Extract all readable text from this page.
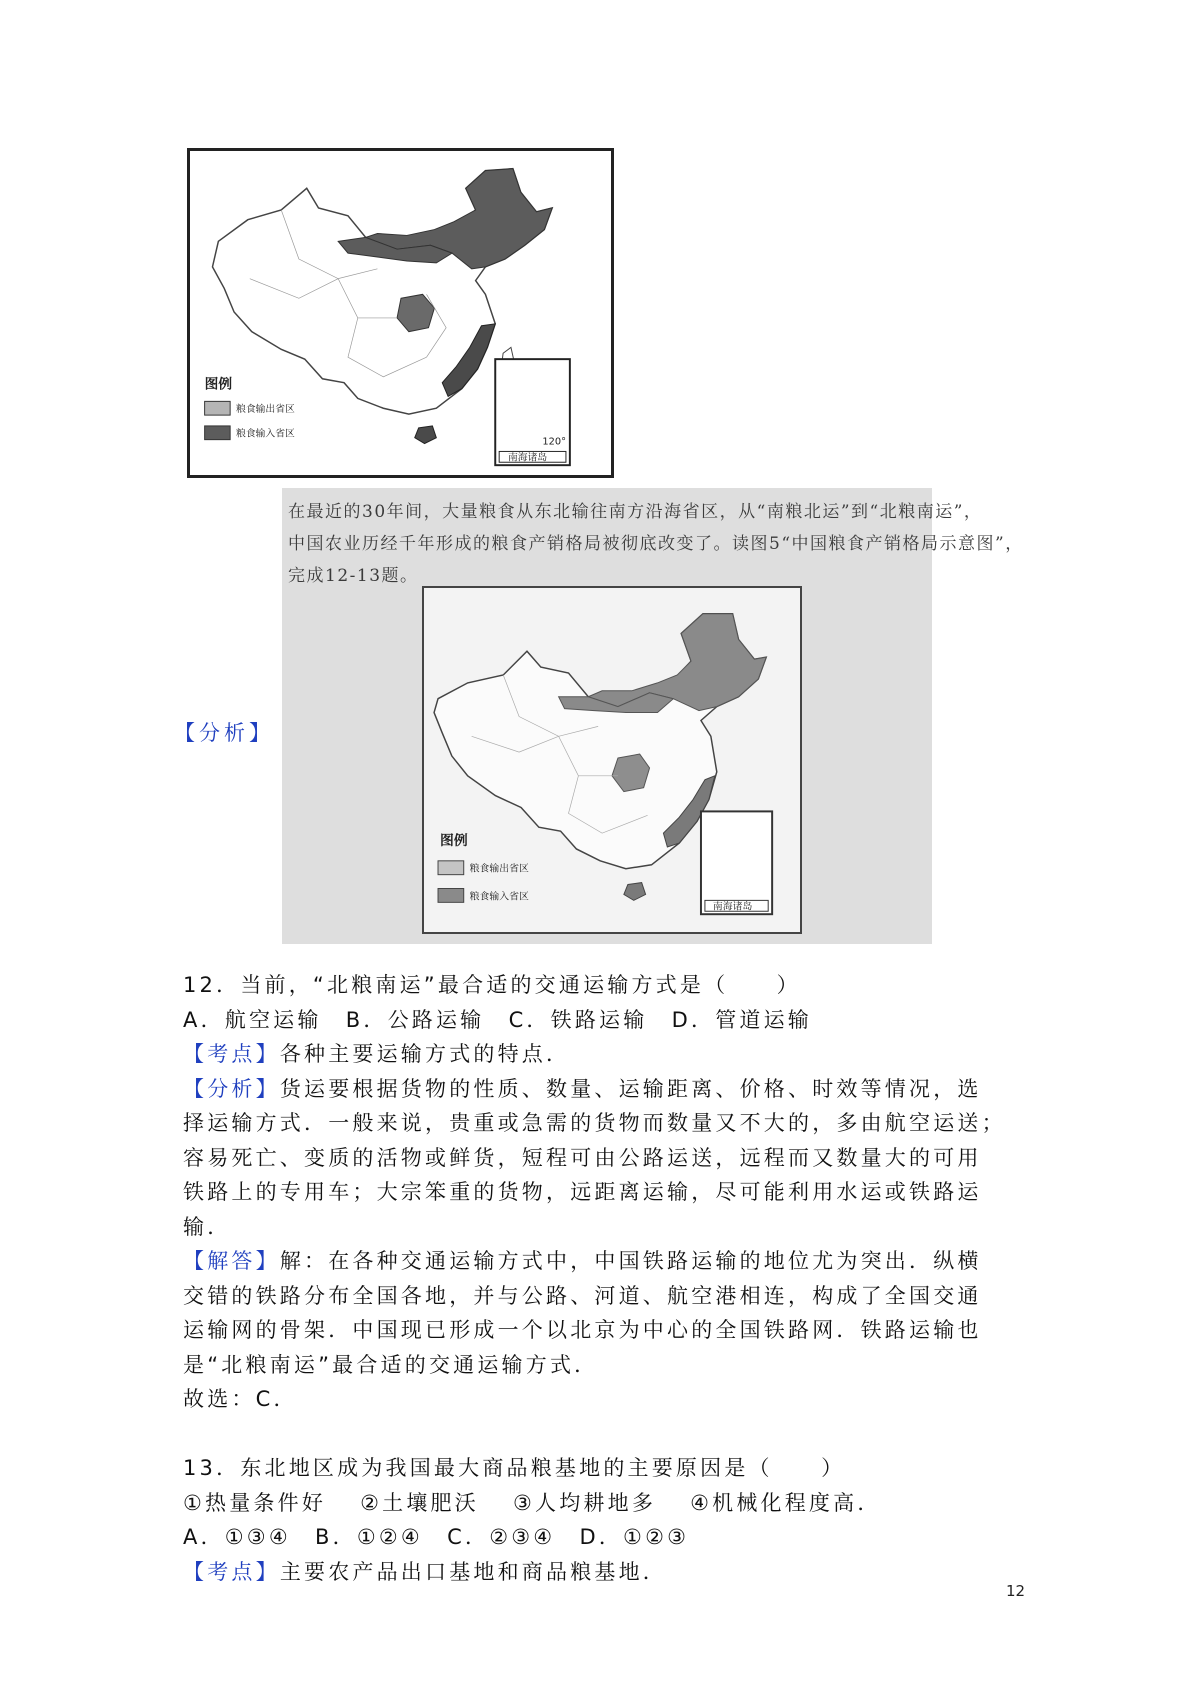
南海诸岛
120°
图例
粮食输出省区
粮食输入省区
在最近的30年间，大量粮食从东北输往南方沿海省区，从“南粮北运”到“北粮南运”，
中国农业历经千年形成的粮食产销格局被彻底改变了。读图5“中国粮食产销格局示意图”，
完成12-13题。
南海诸岛
图例
粮食输出省区
粮食输入省区
【分析】
12．当前，“北粮南运”最合适的交通运输方式是（　　）
A．航空运输　B．公路运输　C．铁路运输　D．管道运输
【考点】各种主要运输方式的特点．
【分析】货运要根据货物的性质、数量、运输距离、价格、时效等情况，选
择运输方式．一般来说，贵重或急需的货物而数量又不大的，多由航空运送；
容易死亡、变质的活物或鲜货，短程可由公路运送，远程而又数量大的可用
铁路上的专用车；大宗笨重的货物，远距离运输，尽可能利用水运或铁路运
输．
【解答】解：在各种交通运输方式中，中国铁路运输的地位尤为突出．纵横
交错的铁路分布全国各地，并与公路、河道、航空港相连，构成了全国交通
运输网的骨架．中国现已形成一个以北京为中心的全国铁路网．铁路运输也
是“北粮南运”最合适的交通运输方式．
故选：C．
13．东北地区成为我国最大商品粮基地的主要原因是（　　）
①热量条件好　 ②土壤肥沃　 ③人均耕地多　 ④机械化程度高．
A．①③④　B．①②④　C．②③④　D．①②③
【考点】主要农产品出口基地和商品粮基地．
12
